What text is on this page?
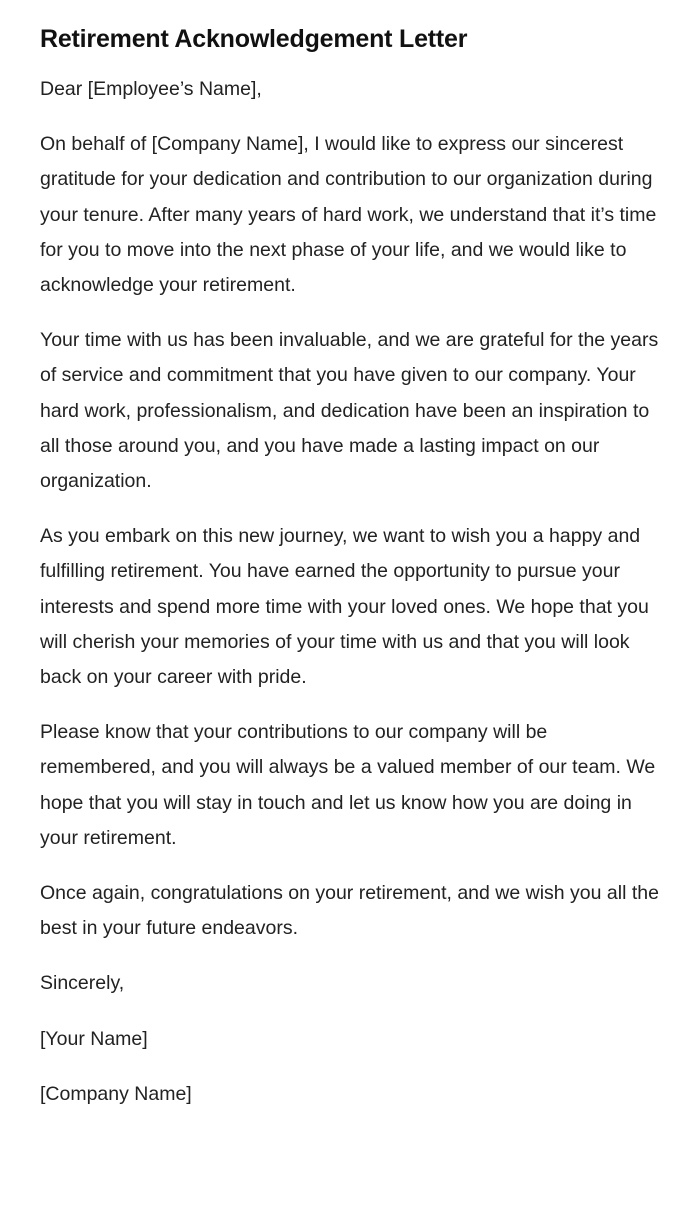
Retirement Acknowledgement Letter

Dear [Employee’s Name],

On behalf of [Company Name], I would like to express our sincerest gratitude for your dedication and contribution to our organization during your tenure. After many years of hard work, we understand that it’s time for you to move into the next phase of your life, and we would like to acknowledge your retirement.

Your time with us has been invaluable, and we are grateful for the years of service and commitment that you have given to our company. Your hard work, professionalism, and dedication have been an inspiration to all those around you, and you have made a lasting impact on our organization.

As you embark on this new journey, we want to wish you a happy and fulfilling retirement. You have earned the opportunity to pursue your interests and spend more time with your loved ones. We hope that you will cherish your memories of your time with us and that you will look back on your career with pride.

Please know that your contributions to our company will be remembered, and you will always be a valued member of our team. We hope that you will stay in touch and let us know how you are doing in your retirement.

Once again, congratulations on your retirement, and we wish you all the best in your future endeavors.

Sincerely,

[Your Name]

[Company Name]
